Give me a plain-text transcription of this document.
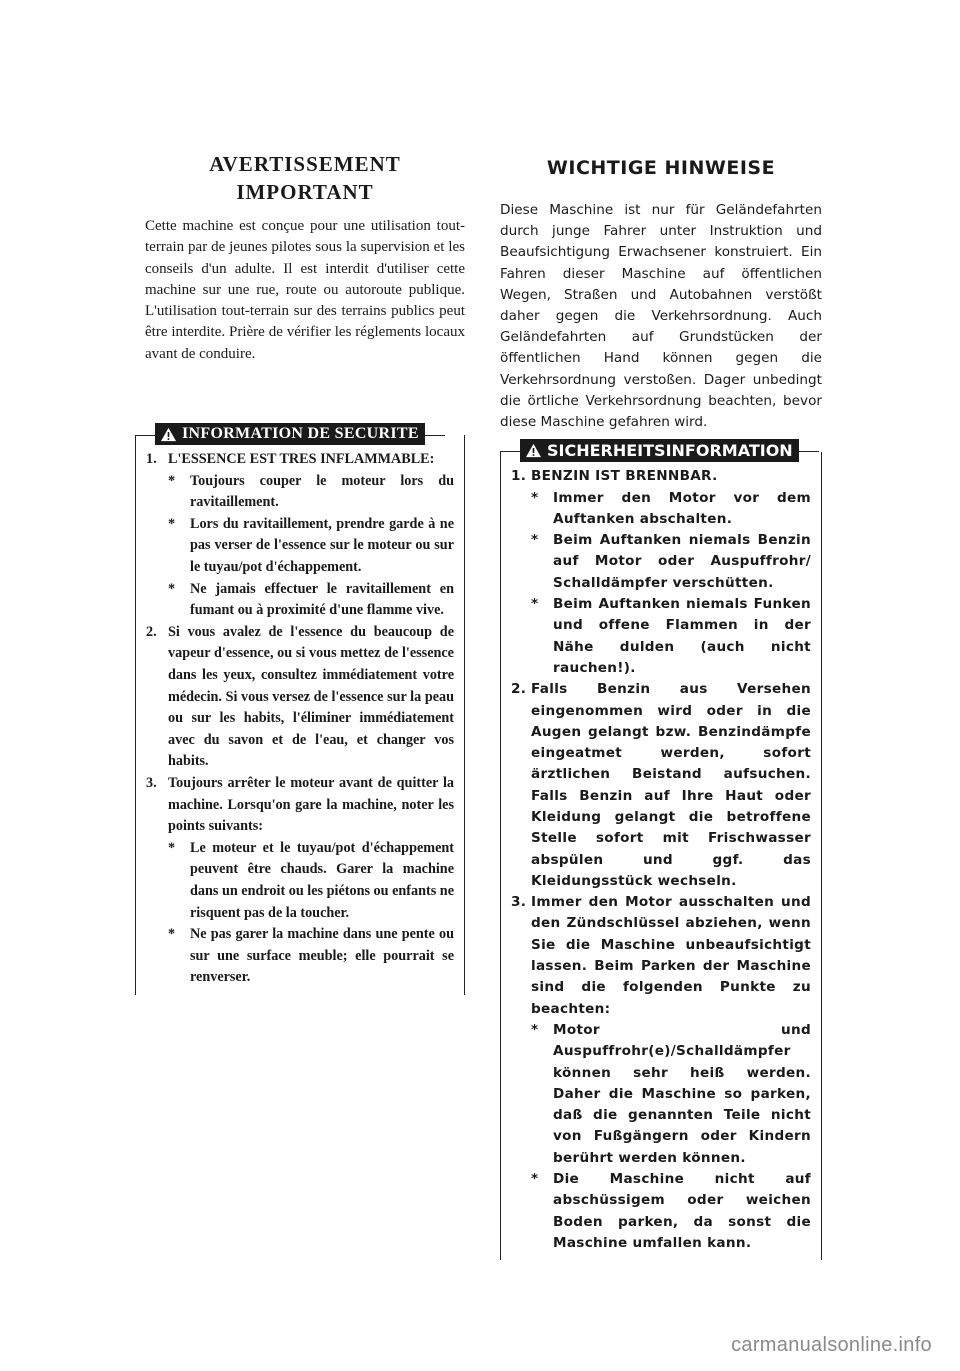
AVERTISSEMENT
IMPORTANT
Cette machine est conçue pour une utilisation tout-terrain par de jeunes pilotes sous la supervision et les conseils d'un adulte. Il est interdit d'utiliser cette machine sur une rue, route ou autoroute publique. L'utilisation tout-terrain sur des terrains publics peut être interdite. Prière de vérifier les réglements locaux avant de conduire.
INFORMATION DE SECURITE
1. L'ESSENCE EST TRES INFLAMMABLE:
*	Toujours couper le moteur lors du ravitaillement.
*	Lors du ravitaillement, prendre garde à ne pas verser de l'essence sur le moteur ou sur le tuyau/pot d'échappement.
*	Ne jamais effectuer le ravitaillement en fumant ou à proximité d'une flamme vive.
2. Si vous avalez de l'essence du beaucoup de vapeur d'essence, ou si vous mettez de l'essence dans les yeux, consultez immédiatement votre médecin. Si vous versez de l'essence sur la peau ou sur les habits, l'éliminer immédiatement avec du savon et de l'eau, et changer vos habits.
3. Toujours arrêter le moteur avant de quitter la machine. Lorsqu'on gare la machine, noter les points suivants:
*	Le moteur et le tuyau/pot d'échappement peuvent être chauds. Garer la machine dans un endroit ou les piétons ou enfants ne risquent pas de la toucher.
*	Ne pas garer la machine dans une pente ou sur une surface meuble; elle pourrait se renverser.
WICHTIGE HINWEISE
Diese Maschine ist nur für Geländefahrten durch junge Fahrer unter Instruktion und Beaufsichtigung Erwachsener konstruiert. Ein Fahren dieser Maschine auf öffentlichen Wegen, Straßen und Autobahnen verstößt daher gegen die Verkehrsordnung. Auch Geländefahrten auf Grundstücken der öffentlichen Hand können gegen die Verkehrsordnung verstoßen. Dager unbedingt die örtliche Verkehrsordnung beachten, bevor diese Maschine gefahren wird.
SICHERHEITSINFORMATION
1. BENZIN IST BRENNBAR.
*	Immer den Motor vor dem Auftanken abschalten.
*	Beim Auftanken niemals Benzin auf Motor oder Auspuffrohr/ Schalldämpfer verschütten.
*	Beim Auftanken niemals Funken und offene Flammen in der Nähe dulden (auch nicht rauchen!).
2. Falls Benzin aus Versehen eingenommen wird oder in die Augen gelangt bzw. Benzindämpfe eingeatmet werden, sofort ärztlichen Beistand aufsuchen. Falls Benzin auf Ihre Haut oder Kleidung gelangt die betroffene Stelle sofort mit Frischwasser abspülen und ggf. das Kleidungsstück wechseln.
3. Immer den Motor ausschalten und den Zündschlüssel abziehen, wenn Sie die Maschine unbeaufsichtigt lassen. Beim Parken der Maschine sind die folgenden Punkte zu beachten:
*	Motor und Auspuffrohr(e)/Schalldämpfer können sehr heiß werden. Daher die Maschine so parken, daß die genannten Teile nicht von Fußgängern oder Kindern berührt werden können.
*	Die Maschine nicht auf abschüssigem oder weichen Boden parken, da sonst die Maschine umfallen kann.
carmanualsonline.info
